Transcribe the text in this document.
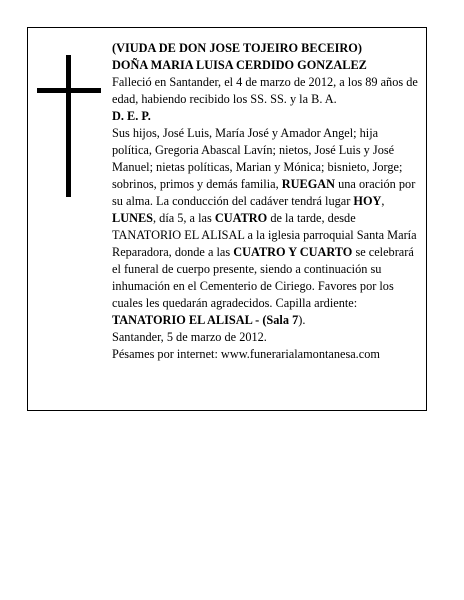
(VIUDA DE DON JOSE TOJEIRO BECEIRO)

DOÑA MARIA LUISA CERDIDO GONZALEZ

Falleció en Santander, el 4 de marzo de 2012, a los 89 años de edad, habiendo recibido los SS. SS. y la B. A.

D. E. P.

Sus hijos, José Luis, María José y Amador Angel; hija política, Gregoria Abascal Lavín; nietos, José Luis y José Manuel; nietas políticas, Marian y Mónica; bisnieto, Jorge; sobrinos, primos y demás familia, RUEGAN una oración por su alma. La conducción del cadáver tendrá lugar HOY, LUNES, día 5, a las CUATRO de la tarde, desde TANATORIO EL ALISAL a la iglesia parroquial Santa María Reparadora, donde a las CUATRO Y CUARTO se celebrará el funeral de cuerpo presente, siendo a continuación su inhumación en el Cementerio de Ciriego. Favores por los cuales les quedarán agradecidos. Capilla ardiente: TANATORIO EL ALISAL - (Sala 7).

Santander, 5 de marzo de 2012.

Pésames por internet: www.funerarialamontanesa.com
